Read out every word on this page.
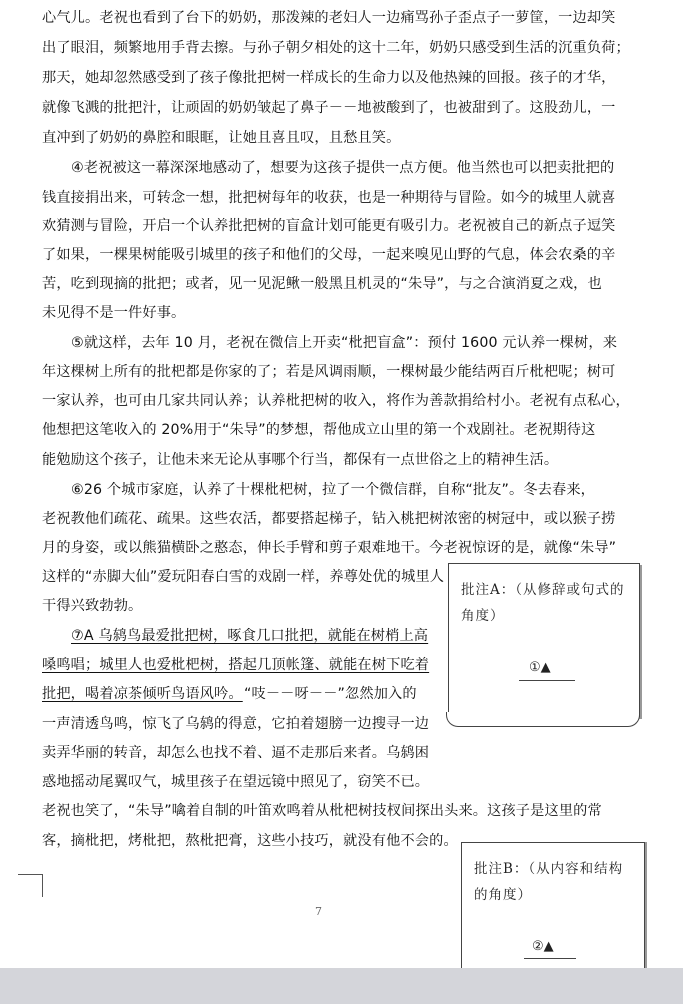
心气儿。老祝也看到了台下的奶奶，那泼辣的老妇人一边痛骂孙子歪点子一萝筐，一边却笑
出了眼泪，频繁地用手背去擦。与孙子朝夕相处的这十二年，奶奶只感受到生活的沉重负荷；
那天，她却忽然感受到了孩子像批把树一样成长的生命力以及他热辣的回报。孩子的才华，
就像飞溅的批把汁，让顽固的奶奶皱起了鼻子－－地被酸到了，也被甜到了。这股劲儿，一
直冲到了奶奶的鼻腔和眼眶，让她且喜且叹，且愁且笑。
④老祝被这一幕深深地感动了，想要为这孩子提供一点方便。他当然也可以把卖批把的
钱直接捐出来，可转念一想，批把树每年的收获，也是一种期待与冒险。如今的城里人就喜
欢猜测与冒险，开启一个认养批把树的盲盒计划可能更有吸引力。老祝被自己的新点子逗笑
了如果，一棵果树能吸引城里的孩子和他们的父母，一起来嗅见山野的气息，体会农桑的辛
苦，吃到现摘的批把；或者，见一见泥鳅一般黑且机灵的“朱导”，与之合演消夏之戏，也
未见得不是一件好事。
⑤就这样，去年 10 月，老祝在微信上开卖“枇把盲盒”：预付 1600 元认养一棵树，来
年这棵树上所有的批杷都是你家的了；若是风调雨顺，一棵树最少能结两百斤枇杷呢；树可
一家认养，也可由几家共同认养；认养枇把树的收入，将作为善款捐给村小。老祝有点私心，
他想把这笔收入的 20%用于“朱导”的梦想，帮他成立山里的第一个戏剧社。老祝期待这
能勉励这个孩子，让他未来无论从事哪个行当，都保有一点世俗之上的精神生活。
⑥26 个城市家庭，认养了十棵枇杷树，拉了一个微信群，自称“批友”。冬去春来，
老祝教他们疏花、疏果。这些农活，都要搭起梯子，钻入桃把树浓密的树冠中，或以猴子捞
月的身姿，或以熊猫横卧之憨态，伸长手臂和剪子艰难地干。今老祝惊讶的是，就像“朱导”
这样的“赤脚大仙”爱玩阳春白雪的戏剧一样，养尊处优的城里人
干得兴致勃勃。
⑦A 乌鸫鸟最爱批把树，啄食几口批把，就能在树梢上高
嗓鸣唱；城里人也爱枇杷树，搭起几顶帐篷、就能在树下吃着
批把，喝着凉茶倾听鸟语风吟。 “吱－－呀－－”忽然加入的
一声清透鸟鸣，惊飞了乌鸫的得意，它拍着翅膀一边搜寻一边
卖弄华丽的转音，却怎么也找不着、逼不走那后来者。乌鸫困
惑地摇动尾翼叹气，城里孩子在望远镜中照见了，窃笑不已。
老祝也笑了，“朱导”噙着自制的叶笛欢鸣着从枇杷树技杈间探出头来。这孩子是这里的常
客，摘枇把，烤枇把，熬枇把膏，这些小技巧，就没有他不会的。
批注A：（从修辞或句式的
角度）
①▲
批注B：（从内容和结构
的角度）
②▲
7
